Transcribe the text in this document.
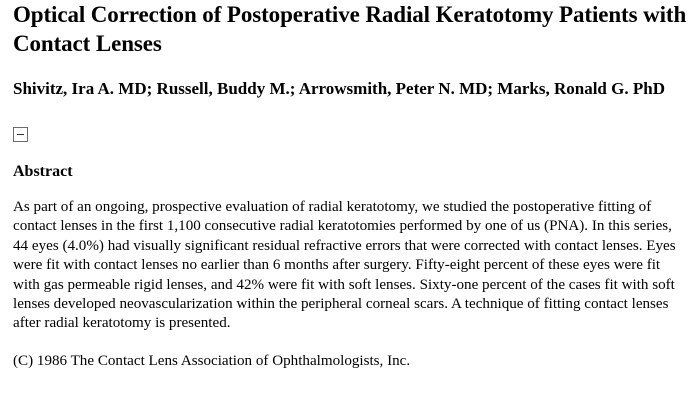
Optical Correction of Postoperative Radial Keratotomy Patients with Contact Lenses

Shivitz, Ira A. MD; Russell, Buddy M.; Arrowsmith, Peter N. MD; Marks, Ronald G. PhD

Abstract

As part of an ongoing, prospective evaluation of radial keratotomy, we studied the postoperative fitting of contact lenses in the first 1,100 consecutive radial keratotomies performed by one of us (PNA). In this series, 44 eyes (4.0%) had visually significant residual refractive errors that were corrected with contact lenses. Eyes were fit with contact lenses no earlier than 6 months after surgery. Fifty-eight percent of these eyes were fit with gas permeable rigid lenses, and 42% were fit with soft lenses. Sixty-one percent of the cases fit with soft lenses developed neovascularization within the peripheral corneal scars. A technique of fitting contact lenses after radial keratotomy is presented.

(C) 1986 The Contact Lens Association of Ophthalmologists, Inc.
